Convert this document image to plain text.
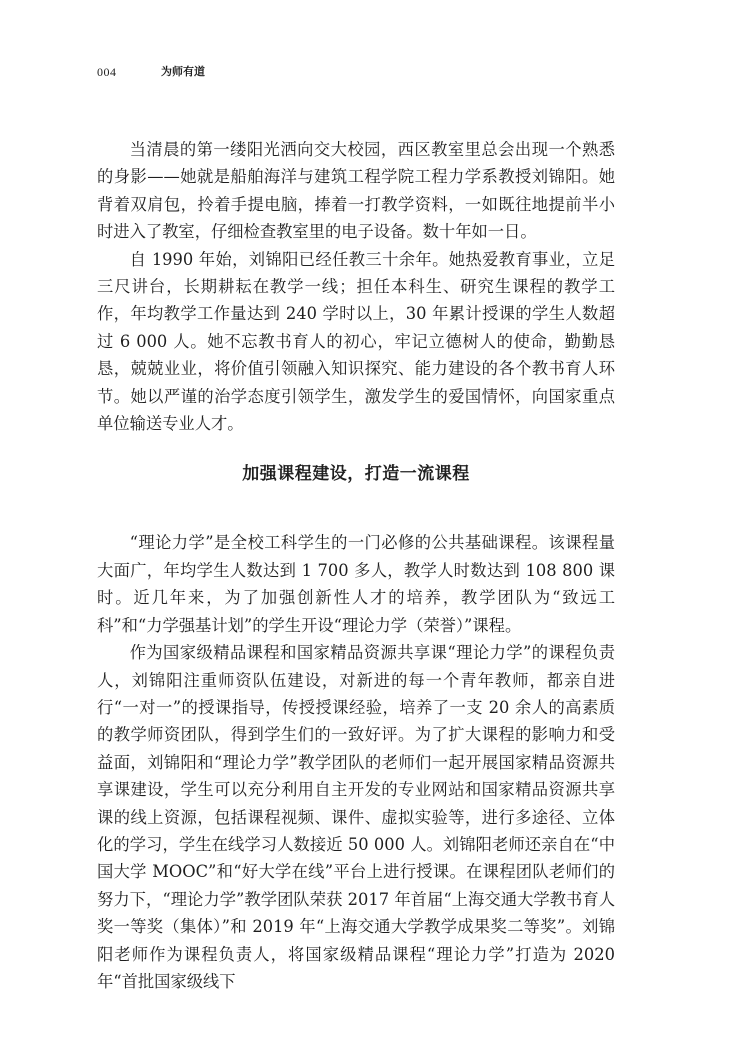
004	为师有道

当清晨的第一缕阳光洒向交大校园，西区教室里总会出现一个熟悉的身影——她就是船舶海洋与建筑工程学院工程力学系教授刘锦阳。她背着双肩包，拎着手提电脑，捧着一打教学资料，一如既往地提前半小时进入了教室，仔细检查教室里的电子设备。数十年如一日。

自 1990 年始，刘锦阳已经任教三十余年。她热爱教育事业，立足三尺讲台，长期耕耘在教学一线；担任本科生、研究生课程的教学工作，年均教学工作量达到 240 学时以上，30 年累计授课的学生人数超过 6 000 人。她不忘教书育人的初心，牢记立德树人的使命，勤勤恳恳，兢兢业业，将价值引领融入知识探究、能力建设的各个教书育人环节。她以严谨的治学态度引领学生，激发学生的爱国情怀，向国家重点单位输送专业人才。

加强课程建设，打造一流课程

“理论力学”是全校工科学生的一门必修的公共基础课程。该课程量大面广，年均学生人数达到 1 700 多人，教学人时数达到 108 800 课时。近几年来，为了加强创新性人才的培养，教学团队为“致远工科”和“力学强基计划”的学生开设“理论力学（荣誉）”课程。

作为国家级精品课程和国家精品资源共享课“理论力学”的课程负责人，刘锦阳注重师资队伍建设，对新进的每一个青年教师，都亲自进行“一对一”的授课指导，传授授课经验，培养了一支 20 余人的高素质的教学师资团队，得到学生们的一致好评。为了扩大课程的影响力和受益面，刘锦阳和“理论力学”教学团队的老师们一起开展国家精品资源共享课建设，学生可以充分利用自主开发的专业网站和国家精品资源共享课的线上资源，包括课程视频、课件、虚拟实验等，进行多途径、立体化的学习，学生在线学习人数接近 50 000 人。刘锦阳老师还亲自在“中国大学 MOOC”和“好大学在线”平台上进行授课。在课程团队老师们的努力下，“理论力学”教学团队荣获 2017 年首届“上海交通大学教书育人奖一等奖（集体）”和 2019 年“上海交通大学教学成果奖二等奖”。刘锦阳老师作为课程负责人，将国家级精品课程“理论力学”打造为 2020 年“首批国家级线下
